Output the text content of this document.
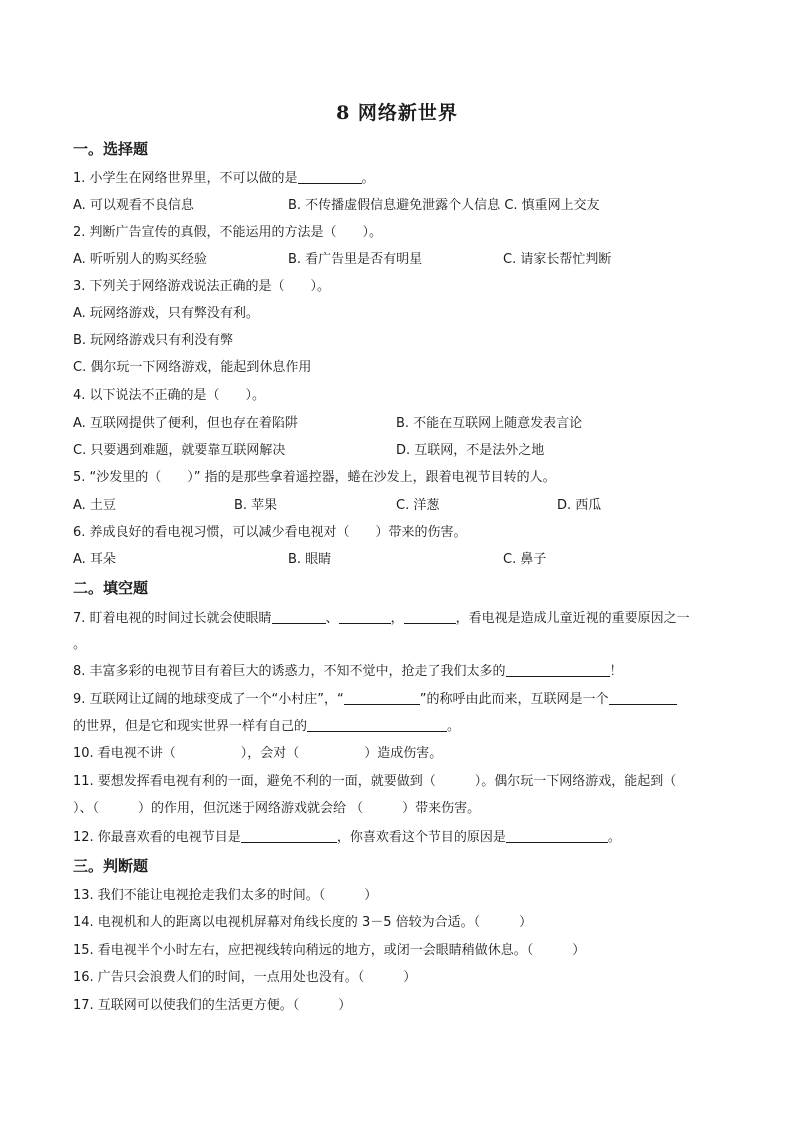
8 网络新世界
一。选择题
1. 小学生在网络世界里，不可以做的是	。
A. 可以观看不良信息	B. 不传播虚假信息避免泄露个人信息 C. 慎重网上交友
2. 判断广告宣传的真假，不能运用的方法是（　　）。
A. 听听别人的购买经验	B. 看广告里是否有明星	C. 请家长帮忙判断
3. 下列关于网络游戏说法正确的是（　　）。
A. 玩网络游戏，只有弊没有利。
B. 玩网络游戏只有利没有弊
C. 偶尔玩一下网络游戏，能起到休息作用
4. 以下说法不正确的是（　　）。
A. 互联网提供了便利，但也存在着陷阱	B. 不能在互联网上随意发表言论
C. 只要遇到难题，就要靠互联网解决	D. 互联网，不是法外之地
5. “沙发里的（　　）” 指的是那些拿着遥控器，蜷在沙发上，跟着电视节目转的人。
A. 土豆	B. 苹果	C. 洋葱	D. 西瓜
6. 养成良好的看电视习惯，可以减少看电视对（　　）带来的伤害。
A. 耳朵	B. 眼睛	C. 鼻子
二。填空题
7. 盯着电视的时间过长就会使眼睛	、	，	，看电视是造成儿童近视的重要原因之一
。
8. 丰富多彩的电视节目有着巨大的诱惑力，不知不觉中，抢走了我们太多的	！
9. 互联网让辽阔的地球变成了一个“小村庄”，“	”的称呼由此而来，互联网是一个
的世界，但是它和现实世界一样有自己的	。
10. 看电视不讲（　　　　　），会对（　　　　　）造成伤害。
11. 要想发挥看电视有利的一面，避免不利的一面，就要做到（　　　）。偶尔玩一下网络游戏，能起到（
）、（　　　）的作用，但沉迷于网络游戏就会给 （　　　）带来伤害。
12. 你最喜欢看的电视节目是	，你喜欢看这个节目的原因是	。
三。判断题
13. 我们不能让电视抢走我们太多的时间。（　　　）
14. 电视机和人的距离以电视机屏幕对角线长度的 3－5 倍较为合适。（　　　）
15. 看电视半个小时左右，应把视线转向稍远的地方，或闭一会眼睛稍做休息。（　　　）
16. 广告只会浪费人们的时间，一点用处也没有。（　　　）
17. 互联网可以使我们的生活更方便。（　　　）
